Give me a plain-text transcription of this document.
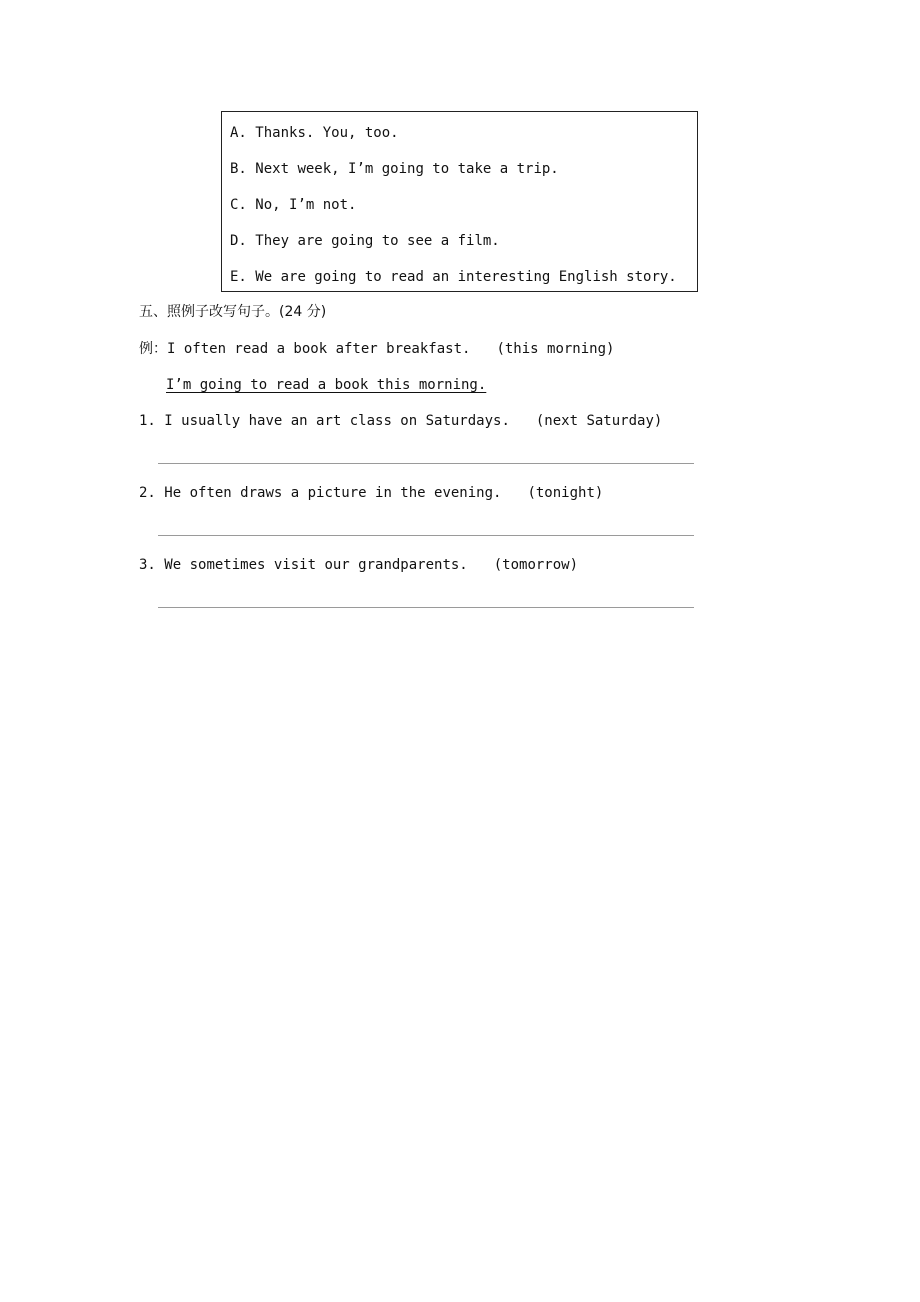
A. Thanks. You, too.
B. Next week, I’m going to take a trip.
C. No, I’m not.
D. They are going to see a film.
E. We are going to read an interesting English story.
五、照例子改写句子。(24 分)
例：I often read a book after breakfast. (this morning)
I’m going to read a book this morning.
1. I usually have an art class on Saturdays. (next Saturday)
2. He often draws a picture in the evening. (tonight)
3. We sometimes visit our grandparents. (tomorrow)
